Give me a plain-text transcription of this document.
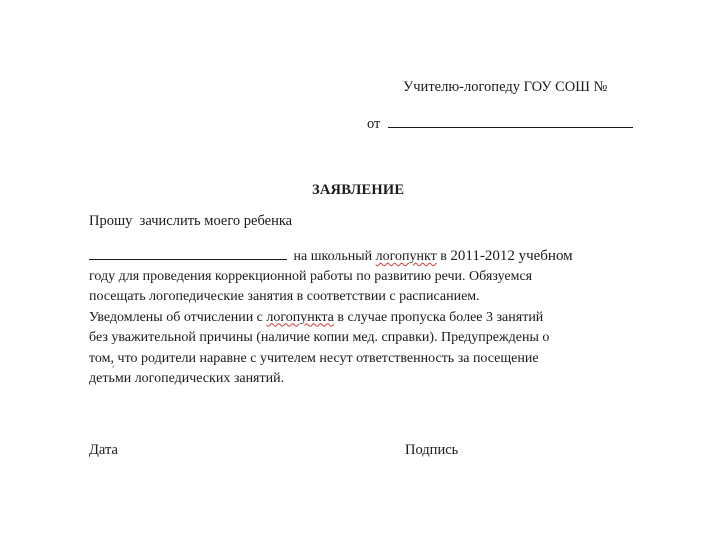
Учителю-логопеду ГОУ СОШ №
от
ЗАЯВЛЕНИЕ
Прошу  зачислить моего ребенка
на школьный логопункт в 2011-2012 учебном
году для проведения коррекционной работы по развитию речи. Обязуемся
посещать логопедические занятия в соответствии с расписанием.
Уведомлены об отчислении с логопункта в случае пропуска более 3 занятий
без уважительной причины (наличие копии мед. справки). Предупреждены о
том, что родители наравне с учителем несут ответственность за посещение
детьми логопедических занятий.
Дата	Подпись
